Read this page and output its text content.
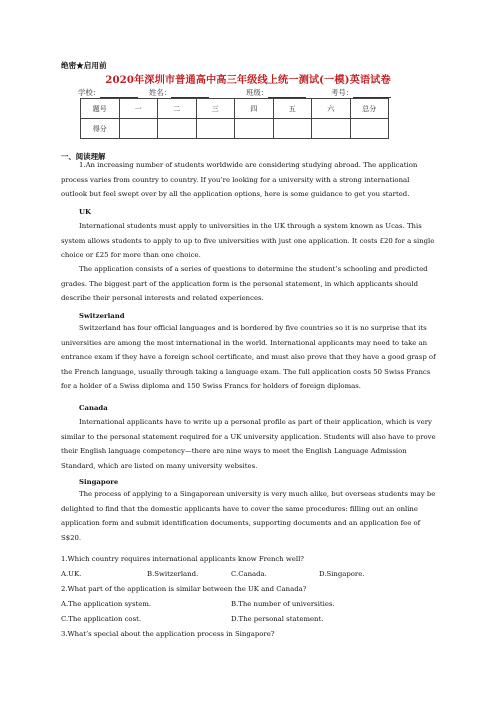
绝密★启用前
2020年深圳市普通高中高三年级线上统一测试(一模)英语试卷
学校：	姓名：	班级：	考号：
题号	一	二	三	四	五	六	总分
得分							
一、阅读理解
1.An increasing number of students worldwide are considering studying abroad. The application process varies from country to country. If you’re looking for a university with a strong international outlook but feel swept over by all the application options, here is some guidance to get you started.
UK
International students must apply to universities in the UK through a system known as Ucas. This system allows students to apply to up to five universities with just one application. It costs £20 for a single choice or £25 for more than one choice.
The application consists of a series of questions to determine the student’s schooling and predicted grades. The biggest part of the application form is the personal statement, in which applicants should describe their personal interests and related experiences.
Switzerland
Switzerland has four official languages and is bordered by five countries so it is no surprise that its universities are among the most international in the world. International applicants may need to take an entrance exam if they have a foreign school certificate, and must also prove that they have a good grasp of the French language, usually through taking a language exam. The full application costs 50 Swiss Francs for a holder of a Swiss diploma and 150 Swiss Francs for holders of foreign diplomas.
Canada
International applicants have to write up a personal profile as part of their application, which is very similar to the personal statement required for a UK university application. Students will also have to prove their English language competency—there are nine ways to meet the English Language Admission Standard, which are listed on many university websites.
Singapore
The process of applying to a Singaporean university is very much alike, but overseas students may be delighted to find that the domestic applicants have to cover the same procedures: filling out an online application form and submit identification documents, supporting documents and an application fee of S$20.
1.Which country requires international applicants know French well?
A.UK.	B.Switzerland.	C.Canada.	D.Singapore.
2.What part of the application is similar between the UK and Canada?
A.The application system.	B.The number of universities.
C.The application cost.	D.The personal statement.
3.What’s special about the application process in Singapore?
